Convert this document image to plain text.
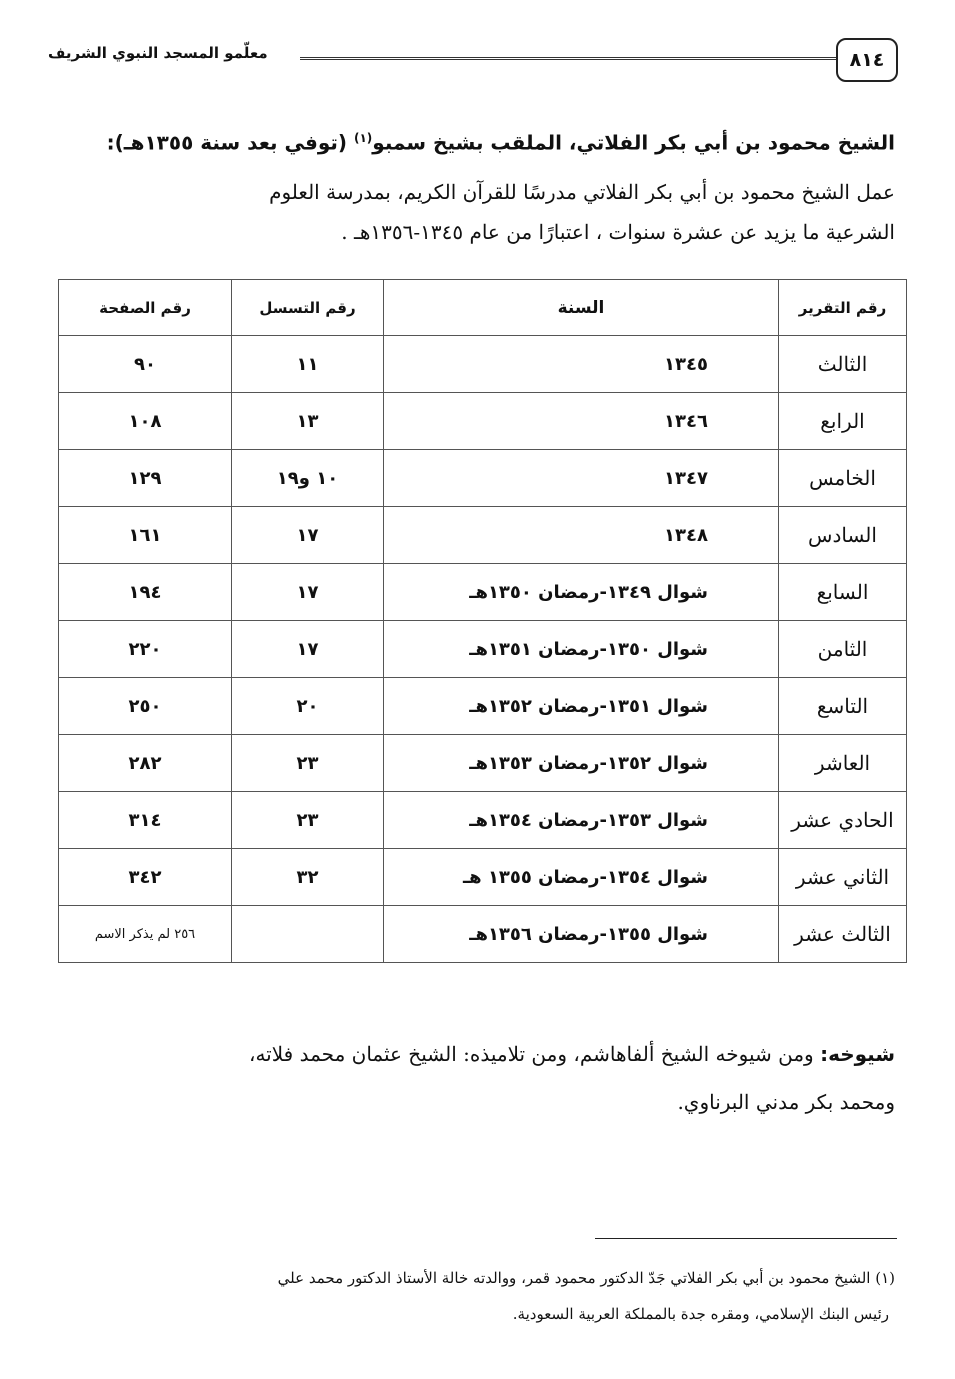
٨١٤
معلّمو المسجد النبوي الشريف
الشيخ محمود بن أبي بكر الفلاتي، الملقب بشيخ سمبو$^{(١)}$ (توفي بعد سنة ١٣٥٥هـ):
عمل الشيخ محمود بن أبي بكر الفلاتي مدرسًا للقرآن الكريم، بمدرسة العلوم
الشرعية ما يزيد عن عشرة سنوات ، اعتبارًا من عام ١٣٤٥-١٣٥٦هـ .
رقم التقرير	السنة	رقم التسسل	رقم الصفحة
الثالث	١٣٤٥	١١	٩٠
الرابع	١٣٤٦	١٣	١٠٨
الخامس	١٣٤٧	١٠ و١٩	١٢٩
السادس	١٣٤٨	١٧	١٦١
السابع	شوال ١٣٤٩-رمضان ١٣٥٠هـ	١٧	١٩٤
الثامن	شوال ١٣٥٠-رمضان ١٣٥١هـ	١٧	٢٢٠
التاسع	شوال ١٣٥١-رمضان ١٣٥٢هـ	٢٠	٢٥٠
العاشر	شوال ١٣٥٢-رمضان ١٣٥٣هـ	٢٣	٢٨٢
الحادي عشر	شوال ١٣٥٣-رمضان ١٣٥٤هـ	٢٣	٣١٤
الثاني عشر	شوال ١٣٥٤-رمضان ١٣٥٥ هـ	٣٢	٣٤٢
الثالث عشر	شوال ١٣٥٥-رمضان ١٣٥٦هـ		٢٥٦ لم يذكر الاسم
شيوخه: ومن شيوخه الشيخ ألفاهاشم، ومن تلاميذه: الشيخ عثمان محمد فلاته،
ومحمد بكر مدني البرناوي.
(١) الشيخ محمود بن أبي بكر الفلاتي جَدّ الدكتور محمود قمر، ووالدته خالة الأستاذ الدكتور محمد علي
رئيس البنك الإسلامي، ومقره جدة بالمملكة العربية السعودية.
